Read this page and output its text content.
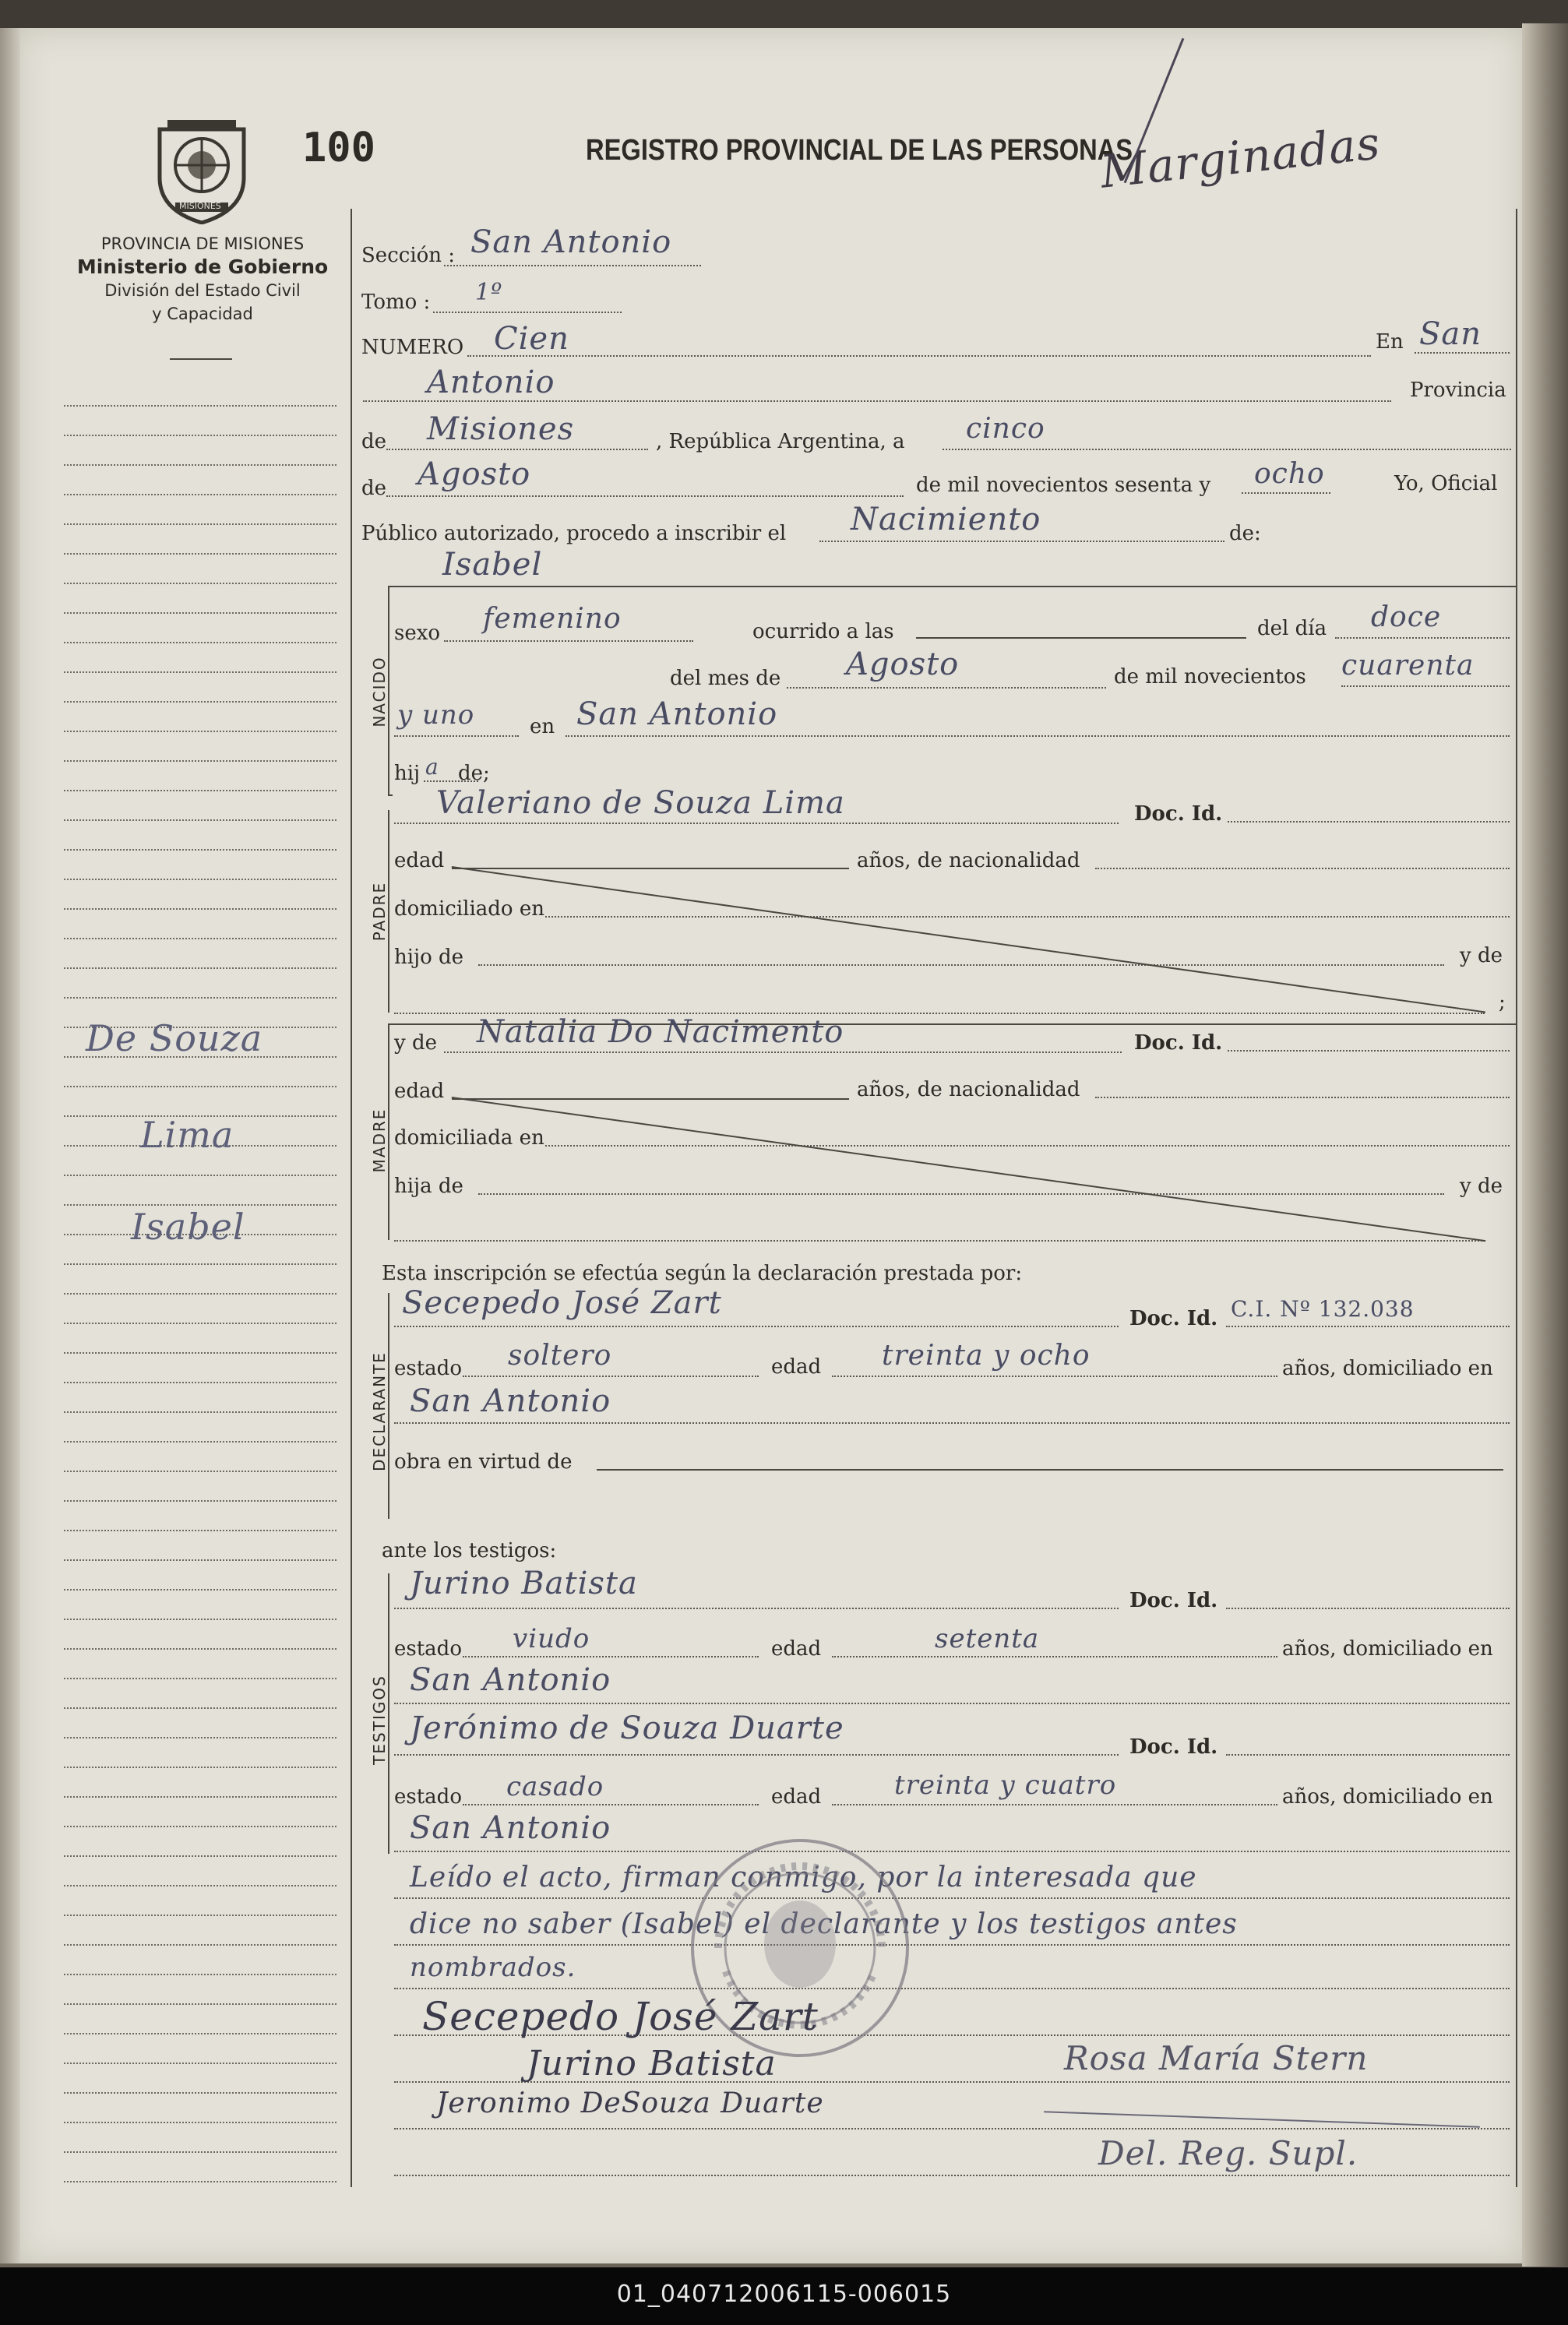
MISIONES
100	REGISTRO PROVINCIAL DE LAS PERSONAS
Marginadas
PROVINCIA DE MISIONES
Ministerio de Gobierno
División del Estado Civil
y Capacidad
De Souza
Lima
Isabel
Sección : San Antonio
Tomo : 1º
NUMERO Cien	En San
Antonio	Provincia
de Misiones	, República Argentina, a cinco
de Agosto	de mil novecientos sesenta y ocho	Yo, Oficial
Público autorizado, procedo a inscribir el Nacimiento	de:
Isabel
NACIDO
sexo femenino	ocurrido a las	del día doce
del mes de Agosto	de mil novecientos cuarenta
y uno	en San Antonio
hij a de;
PADRE
Valeriano de Souza Lima	Doc. Id.
edad	años, de nacionalidad
domiciliado en
hijo de	y de
;
MADRE
y de Natalia Do Nacimento	Doc. Id.
edad	años, de nacionalidad
domiciliada en
hija de	y de
Esta inscripción se efectúa según la declaración prestada por:
DECLARANTE
Secepedo José Zart	Doc. Id. C.I. Nº 132.038
estado soltero	edad treinta y ocho	años, domiciliado en
San Antonio
obra en virtud de
ante los testigos:
TESTIGOS
Jurino Batista	Doc. Id.
estado viudo	edad	setenta	años, domiciliado en
San Antonio
Jerónimo de Souza Duarte
Doc. Id.
estado casado	edad	treinta y cuatro	años, domiciliado en
San Antonio
Leído el acto, firman conmigo, por la interesada que
dice no saber (Isabel) el declarante y los testigos antes
nombrados.
Secepedo José Zart
Jurino Batista
Jeronimo DeSouza Duarte
Rosa María Stern
Del. Reg. Supl.
01_040712006115-006015
